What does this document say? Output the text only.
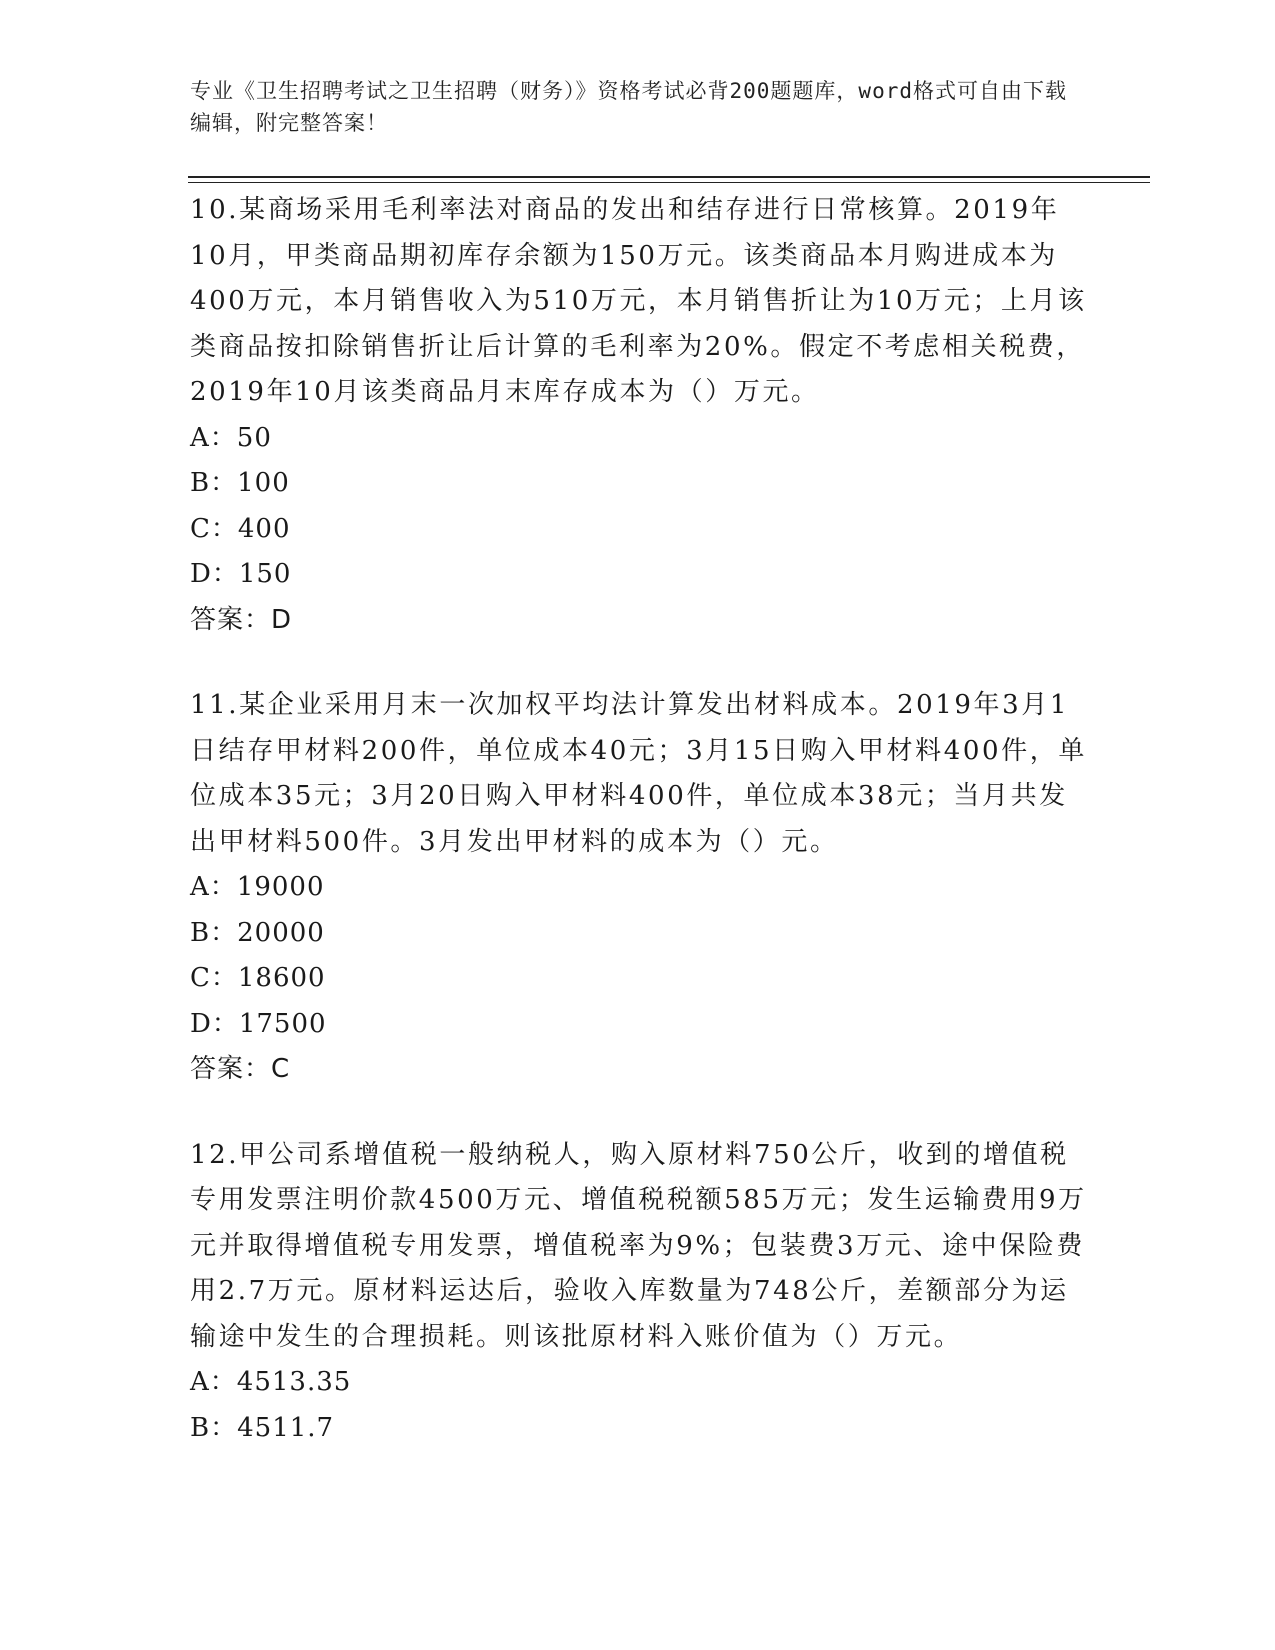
专业《卫生招聘考试之卫生招聘（财务）》资格考试必背200题题库，word格式可自由下载编辑，附完整答案！

10.某商场采用毛利率法对商品的发出和结存进行日常核算。2019年10月，甲类商品期初库存余额为150万元。该类商品本月购进成本为400万元，本月销售收入为510万元，本月销售折让为10万元；上月该类商品按扣除销售折让后计算的毛利率为20%。假定不考虑相关税费，2019年10月该类商品月末库存成本为（）万元。

A：50

B：100

C：400

D：150

答案：D

11.某企业采用月末一次加权平均法计算发出材料成本。2019年3月1日结存甲材料200件，单位成本40元；3月15日购入甲材料400件，单位成本35元；3月20日购入甲材料400件，单位成本38元；当月共发出甲材料500件。3月发出甲材料的成本为（）元。

A：19000

B：20000

C：18600

D：17500

答案：C

12.甲公司系增值税一般纳税人，购入原材料750公斤，收到的增值税专用发票注明价款4500万元、增值税税额585万元；发生运输费用9万元并取得增值税专用发票，增值税率为9%；包装费3万元、途中保险费用2.7万元。原材料运达后，验收入库数量为748公斤，差额部分为运输途中发生的合理损耗。则该批原材料入账价值为（）万元。

A：4513.35

B：4511.7
